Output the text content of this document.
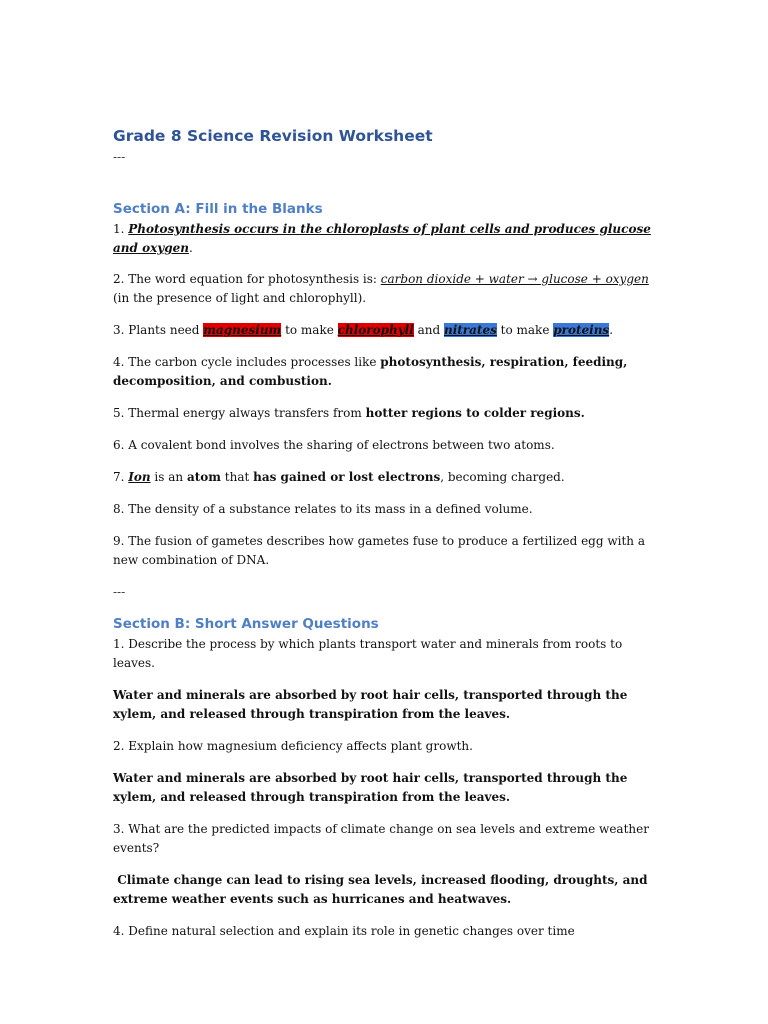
Grade 8 Science Revision Worksheet

---

Section A: Fill in the Blanks

1. Photosynthesis occurs in the chloroplasts of plant cells and produces glucose and oxygen.

2. The word equation for photosynthesis is: carbon dioxide + water → glucose + oxygen (in the presence of light and chlorophyll).

3. Plants need magnesium to make chlorophyll and nitrates to make proteins.

4. The carbon cycle includes processes like photosynthesis, respiration, feeding, decomposition, and combustion.

5. Thermal energy always transfers from hotter regions to colder regions.

6. A covalent bond involves the sharing of electrons between two atoms.

7. Ion is an atom that has gained or lost electrons, becoming charged.

8. The density of a substance relates to its mass in a defined volume.

9. The fusion of gametes describes how gametes fuse to produce a fertilized egg with a new combination of DNA.

---

Section B: Short Answer Questions

1. Describe the process by which plants transport water and minerals from roots to leaves.

Water and minerals are absorbed by root hair cells, transported through the xylem, and released through transpiration from the leaves.

2. Explain how magnesium deficiency affects plant growth.

Water and minerals are absorbed by root hair cells, transported through the xylem, and released through transpiration from the leaves.

3. What are the predicted impacts of climate change on sea levels and extreme weather events?

Climate change can lead to rising sea levels, increased flooding, droughts, and extreme weather events such as hurricanes and heatwaves.

4. Define natural selection and explain its role in genetic changes over time
